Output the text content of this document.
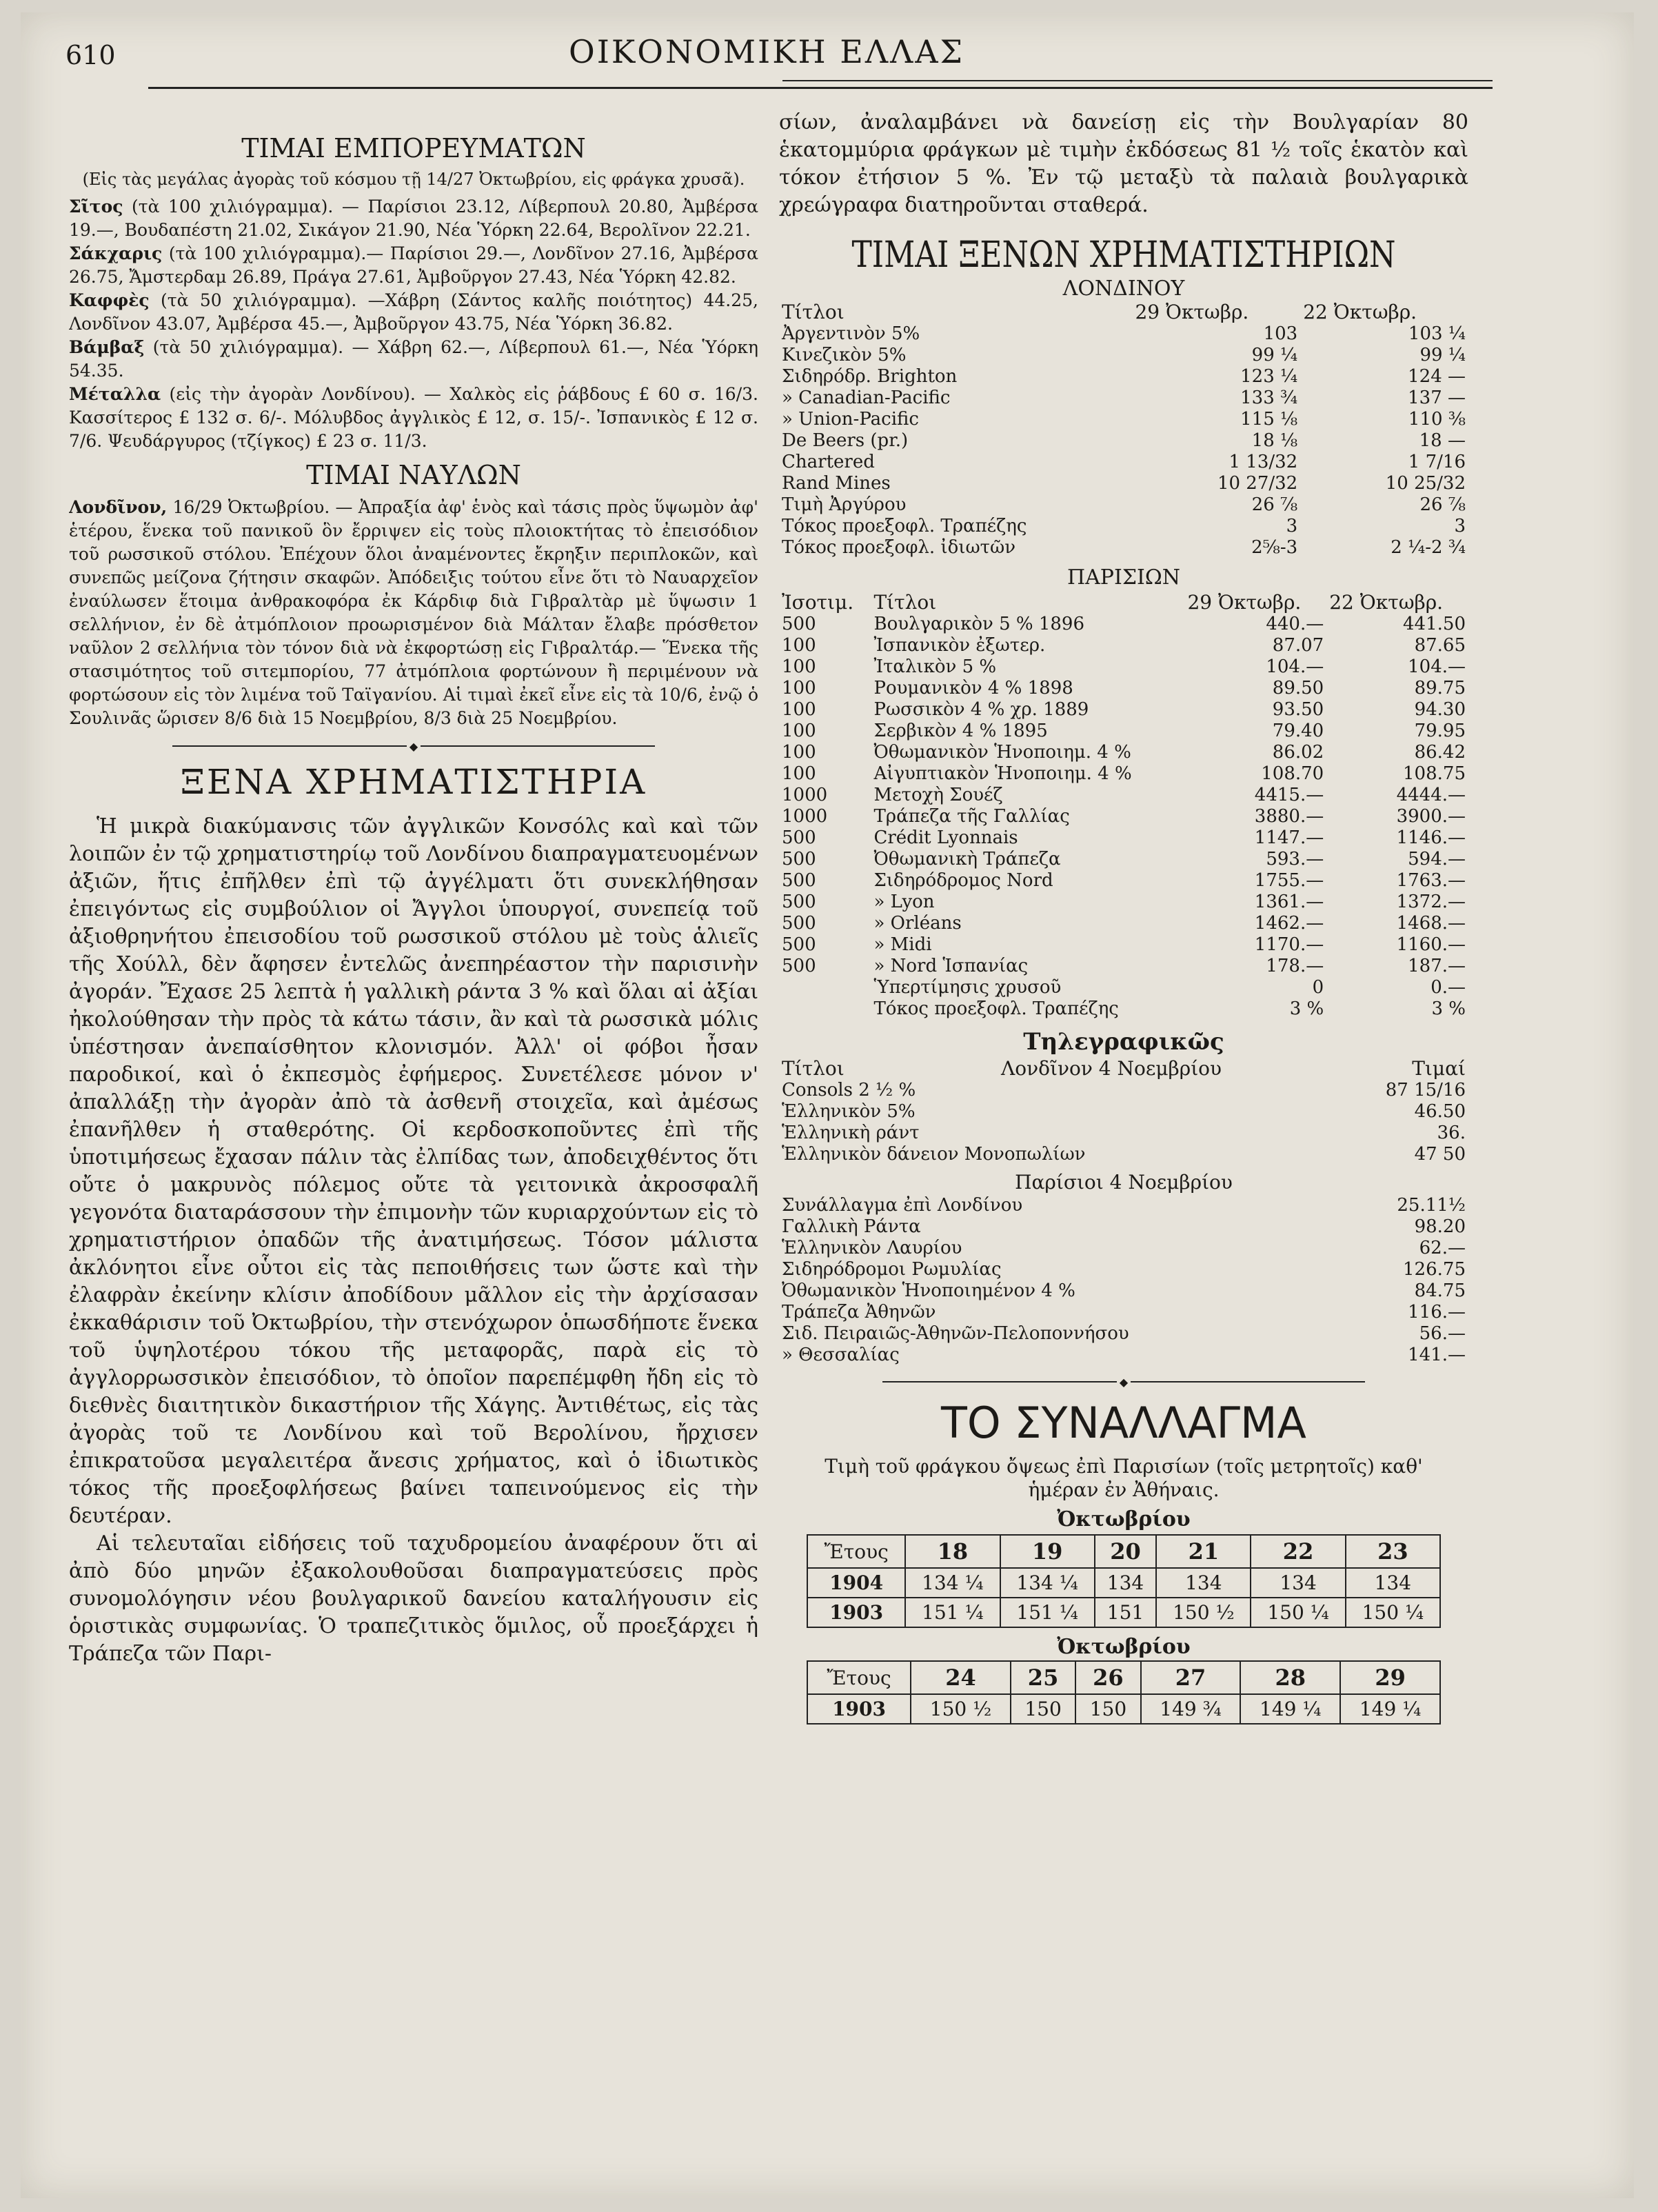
610	ΟΙΚΟΝΟΜΙΚΗ ΕΛΛΑΣ
ΤΙΜΑΙ ΕΜΠΟΡΕΥΜΑΤΩΝ

(Εἰς τὰς μεγάλας ἀγορὰς τοῦ κόσμου τῇ 14/27 Ὀκτωβρίου, εἰς φράγκα χρυσᾶ).

Σῖτος (τὰ 100 χιλιόγραμμα). — Παρίσιοι 23.12, Λίβερπουλ 20.80, Ἀμβέρσα 19.—, Βουδαπέστη 21.02, Σικάγον 21.90, Νέα Ὑόρκη 22.64, Βερολῖνον 22.21.

Σάκχαρις (τὰ 100 χιλιόγραμμα).— Παρίσιοι 29.—, Λονδῖνον 27.16, Ἀμβέρσα 26.75, Ἄμστερδαμ 26.89, Πράγα 27.61, Ἀμβοῦργον 27.43, Νέα Ὑόρκη 42.82.

Καφφὲς (τὰ 50 χιλιόγραμμα). —Χάβρη (Σάντος καλῆς ποιότητος) 44.25, Λονδῖνον 43.07, Ἀμβέρσα 45.—, Ἀμβοῦργον 43.75, Νέα Ὑόρκη 36.82.

Βάμβαξ (τὰ 50 χιλιόγραμμα). — Χάβρη 62.—, Λίβερπουλ 61.—, Νέα Ὑόρκη 54.35.

Μέταλλα (εἰς τὴν ἀγορὰν Λονδίνου). — Χαλκὸς εἰς ῥάβδους £ 60 σ. 16/3. Κασσίτερος £ 132 σ. 6/-. Μόλυβδος ἀγγλικὸς £ 12, σ. 15/-. Ἰσπανικὸς £ 12 σ. 7/6. Ψευδάργυρος (τζίγκος) £ 23 σ. 11/3.

ΤΙΜΑΙ ΝΑΥΛΩΝ

Λονδῖνον, 16/29 Ὀκτωβρίου. — Ἀπραξία ἀφ' ἑνὸς καὶ τάσις πρὸς ὕψωμὸν ἀφ' ἑτέρου, ἕνεκα τοῦ πανικοῦ ὃν ἔρριψεν εἰς τοὺς πλοιοκτήτας τὸ ἐπεισόδιον τοῦ ρωσσικοῦ στόλου. Ἐπέχουν ὅλοι ἀναμένοντες ἔκρηξιν περιπλοκῶν, καὶ συνεπῶς μείζονα ζήτησιν σκαφῶν. Ἀπόδειξις τούτου εἶνε ὅτι τὸ Ναυαρχεῖον ἐναύλωσεν ἕτοιμα ἀνθρακοφόρα ἐκ Κάρδιφ διὰ Γιβραλτὰρ μὲ ὕψωσιν 1 σελλήνιον, ἐν δὲ ἀτμόπλοιον προωρισμένον διὰ Μάλταν ἔλαβε πρόσθετον ναῦλον 2 σελλήνια τὸν τόνον διὰ νὰ ἐκφορτώσῃ εἰς Γιβραλτάρ.— Ἕνεκα τῆς στασιμότητος τοῦ σιτεμπορίου, 77 ἀτμόπλοια φορτώνουν ἢ περιμένουν νὰ φορτώσουν εἰς τὸν λιμένα τοῦ Ταϊγανίου. Αἱ τιμαὶ ἐκεῖ εἶνε εἰς τὰ 10/6, ἐνῷ ὁ Σουλινᾶς ὥρισεν 8/6 διὰ 15 Νοεμβρίου, 8/3 διὰ 25 Νοεμβρίου.

◆
ΞΕΝΑ ΧΡΗΜΑΤΙΣΤΗΡΙΑ

Ἡ μικρὰ διακύμανσις τῶν ἀγγλικῶν Κονσόλς καὶ καὶ τῶν λοιπῶν ἐν τῷ χρηματιστηρίῳ τοῦ Λονδίνου διαπραγματευομένων ἀξιῶν, ἥτις ἐπῆλθεν ἐπὶ τῷ ἀγγέλματι ὅτι συνεκλήθησαν ἐπειγόντως εἰς συμβούλιον οἱ Ἄγγλοι ὑπουργοί, συνεπείᾳ τοῦ ἀξιοθρηνήτου ἐπεισοδίου τοῦ ρωσσικοῦ στόλου μὲ τοὺς ἁλιεῖς τῆς Χούλλ, δὲν ἄφησεν ἐντελῶς ἀνεπηρέαστον τὴν παρισινὴν ἀγοράν. Ἔχασε 25 λεπτὰ ἡ γαλλικὴ ράντα 3 % καὶ ὅλαι αἱ ἀξίαι ἠκολούθησαν τὴν πρὸς τὰ κάτω τάσιν, ἂν καὶ τὰ ρωσσικὰ μόλις ὑπέστησαν ἀνεπαίσθητον κλονισμόν. Ἀλλ' οἱ φόβοι ἦσαν παροδικοί, καὶ ὁ ἐκπεσμὸς ἐφήμερος. Συνετέλεσε μόνον ν' ἀπαλλάξῃ τὴν ἀγορὰν ἀπὸ τὰ ἀσθενῆ στοιχεῖα, καὶ ἀμέσως ἐπανῆλθεν ἡ σταθερότης. Οἱ κερδοσκοποῦντες ἐπὶ τῆς ὑποτιμήσεως ἔχασαν πάλιν τὰς ἐλπίδας των, ἀποδειχθέντος ὅτι οὔτε ὁ μακρυνὸς πόλεμος οὔτε τὰ γειτονικὰ ἀκροσφαλῆ γεγονότα διαταράσσουν τὴν ἐπιμονὴν τῶν κυριαρχούντων εἰς τὸ χρηματιστήριον ὀπαδῶν τῆς ἀνατιμήσεως. Τόσον μάλιστα ἀκλόνητοι εἶνε οὗτοι εἰς τὰς πεποιθήσεις των ὥστε καὶ τὴν ἐλαφρὰν ἐκείνην κλίσιν ἀποδίδουν μᾶλλον εἰς τὴν ἀρχίσασαν ἐκκαθάρισιν τοῦ Ὀκτωβρίου, τὴν στενόχωρον ὁπωσδήποτε ἕνεκα τοῦ ὑψηλοτέρου τόκου τῆς μεταφορᾶς, παρὰ εἰς τὸ ἀγγλορρωσσικὸν ἐπεισόδιον, τὸ ὁποῖον παρεπέμφθη ἤδη εἰς τὸ διεθνὲς διαιτητικὸν δικαστήριον τῆς Χάγης. Ἀντιθέτως, εἰς τὰς ἀγορὰς τοῦ τε Λονδίνου καὶ τοῦ Βερολίνου, ἤρχισεν ἐπικρατοῦσα μεγαλειτέρα ἄνεσις χρήματος, καὶ ὁ ἰδιωτικὸς τόκος τῆς προεξοφλήσεως βαίνει ταπεινούμενος εἰς τὴν δευτέραν.

Αἱ τελευταῖαι εἰδήσεις τοῦ ταχυδρομείου ἀναφέρουν ὅτι αἱ ἀπὸ δύο μηνῶν ἐξακολουθοῦσαι διαπραγματεύσεις πρὸς συνομολόγησιν νέου βουλγαρικοῦ δανείου καταλήγουσιν εἰς ὁριστικὰς συμφωνίας. Ὁ τραπεζιτικὸς ὅμιλος, οὗ προεξάρχει ἡ Τράπεζα τῶν Παρι-

σίων, ἀναλαμβάνει νὰ δανείσῃ εἰς τὴν Βουλγαρίαν 80 ἑκατομμύρια φράγκων μὲ τιμὴν ἐκδόσεως 81 ½ τοῖς ἑκατὸν καὶ τόκον ἐτήσιον 5 %. Ἐν τῷ μεταξὺ τὰ παλαιὰ βουλγαρικὰ χρεώγραφα διατηροῦνται σταθερά.

ΤΙΜΑΙ ΞΕΝΩΝ ΧΡΗΜΑΤΙΣΤΗΡΙΩΝ
ΛΟΝΔΙΝΟΥ
Τίτλοι	29 Ὀκτωβρ.	22 Ὀκτωβρ.
Ἀργεντινὸν 5%	103	103 ¼
Κινεζικὸν 5%	99 ¼	99 ¼
Σιδηρόδρ. Brighton	123 ¼	124 —
» Canadian-Pacific	133 ¾	137 —
» Union-Pacific	115 ⅛	110 ⅜
De Beers (pr.)	18 ⅛	18 —
Chartered	1 13/32	1 7/16
Rand Mines	10 27/32	10 25/32
Τιμὴ Ἀργύρου	26 ⅞	26 ⅞
Τόκος προεξοφλ. Τραπέζης	3	3
Τόκος προεξοφλ. ἰδιωτῶν	2⅝-3	2 ¼-2 ¾
ΠΑΡΙΣΙΩΝ
Ἰσοτιμ.	Τίτλοι	29 Ὀκτωβρ.	22 Ὀκτωβρ.
500	Βουλγαρικὸν 5 % 1896	440.—	441.50
100	Ἰσπανικὸν ἐξωτερ.	87.07	87.65
100	Ἰταλικὸν 5 %	104.—	104.—
100	Ρουμανικὸν 4 % 1898	89.50	89.75
100	Ρωσσικὸν 4 % χρ. 1889	93.50	94.30
100	Σερβικὸν 4 % 1895	79.40	79.95
100	Ὀθωμανικὸν Ἡνοποιημ. 4 %	86.02	86.42
100	Αἰγυπτιακὸν Ἡνοποιημ. 4 %	108.70	108.75
1000	Μετοχὴ Σουέζ	4415.—	4444.—
1000	Τράπεζα τῆς Γαλλίας	3880.—	3900.—
500	Crédit Lyonnais	1147.—	1146.—
500	Ὀθωμανικὴ Τράπεζα	593.—	594.—
500	Σιδηρόδρομος Nord	1755.—	1763.—
500	» Lyon	1361.—	1372.—
500	» Orléans	1462.—	1468.—
500	» Midi	1170.—	1160.—
500	» Nord Ἱσπανίας	178.—	187.—
	Ὑπερτίμησις χρυσοῦ	0	0.—
	Τόκος προεξοφλ. Τραπέζης	3 %	3 %
Τηλεγραφικῶς
Τίτλοι	Λονδῖνον 4 Νοεμβρίου	Τιμαί
Consols 2 ½ %		87 15/16
Ἑλληνικὸν 5%		46.50
Ἑλληνικὴ ράντ		36.
Ἑλληνικὸν δάνειον Μονοπωλίων		47 50
Παρίσιοι 4 Νοεμβρίου
Συνάλλαγμα ἐπὶ Λονδίνου	25.11½
Γαλλικὴ Ράντα	98.20
Ἑλληνικὸν Λαυρίου	62.—
Σιδηρόδρομοι Ρωμυλίας	126.75
Ὀθωμανικὸν Ἡνοποιημένον 4 %	84.75
Τράπεζα Ἀθηνῶν	116.—
Σιδ. Πειραιῶς-Ἀθηνῶν-Πελοποννήσου	56.—
» Θεσσαλίας	141.—
◆
ΤΟ ΣΥΝΑΛΛΑΓΜΑ

Τιμὴ τοῦ φράγκου ὄψεως ἐπὶ Παρισίων (τοῖς μετρητοῖς) καθ' ἡμέραν ἐν Ἀθήναις.

Ὀκτωβρίου
Ἔτους	18	19	20	21	22	23
1904	134 ¼	134 ¼	134	134	134	134
1903	151 ¼	151 ¼	151	150 ½	150 ¼	150 ¼
Ὀκτωβρίου
Ἔτους	24	25	26	27	28	29
1903	150 ½	150	150	149 ¾	149 ¼	149 ¼
